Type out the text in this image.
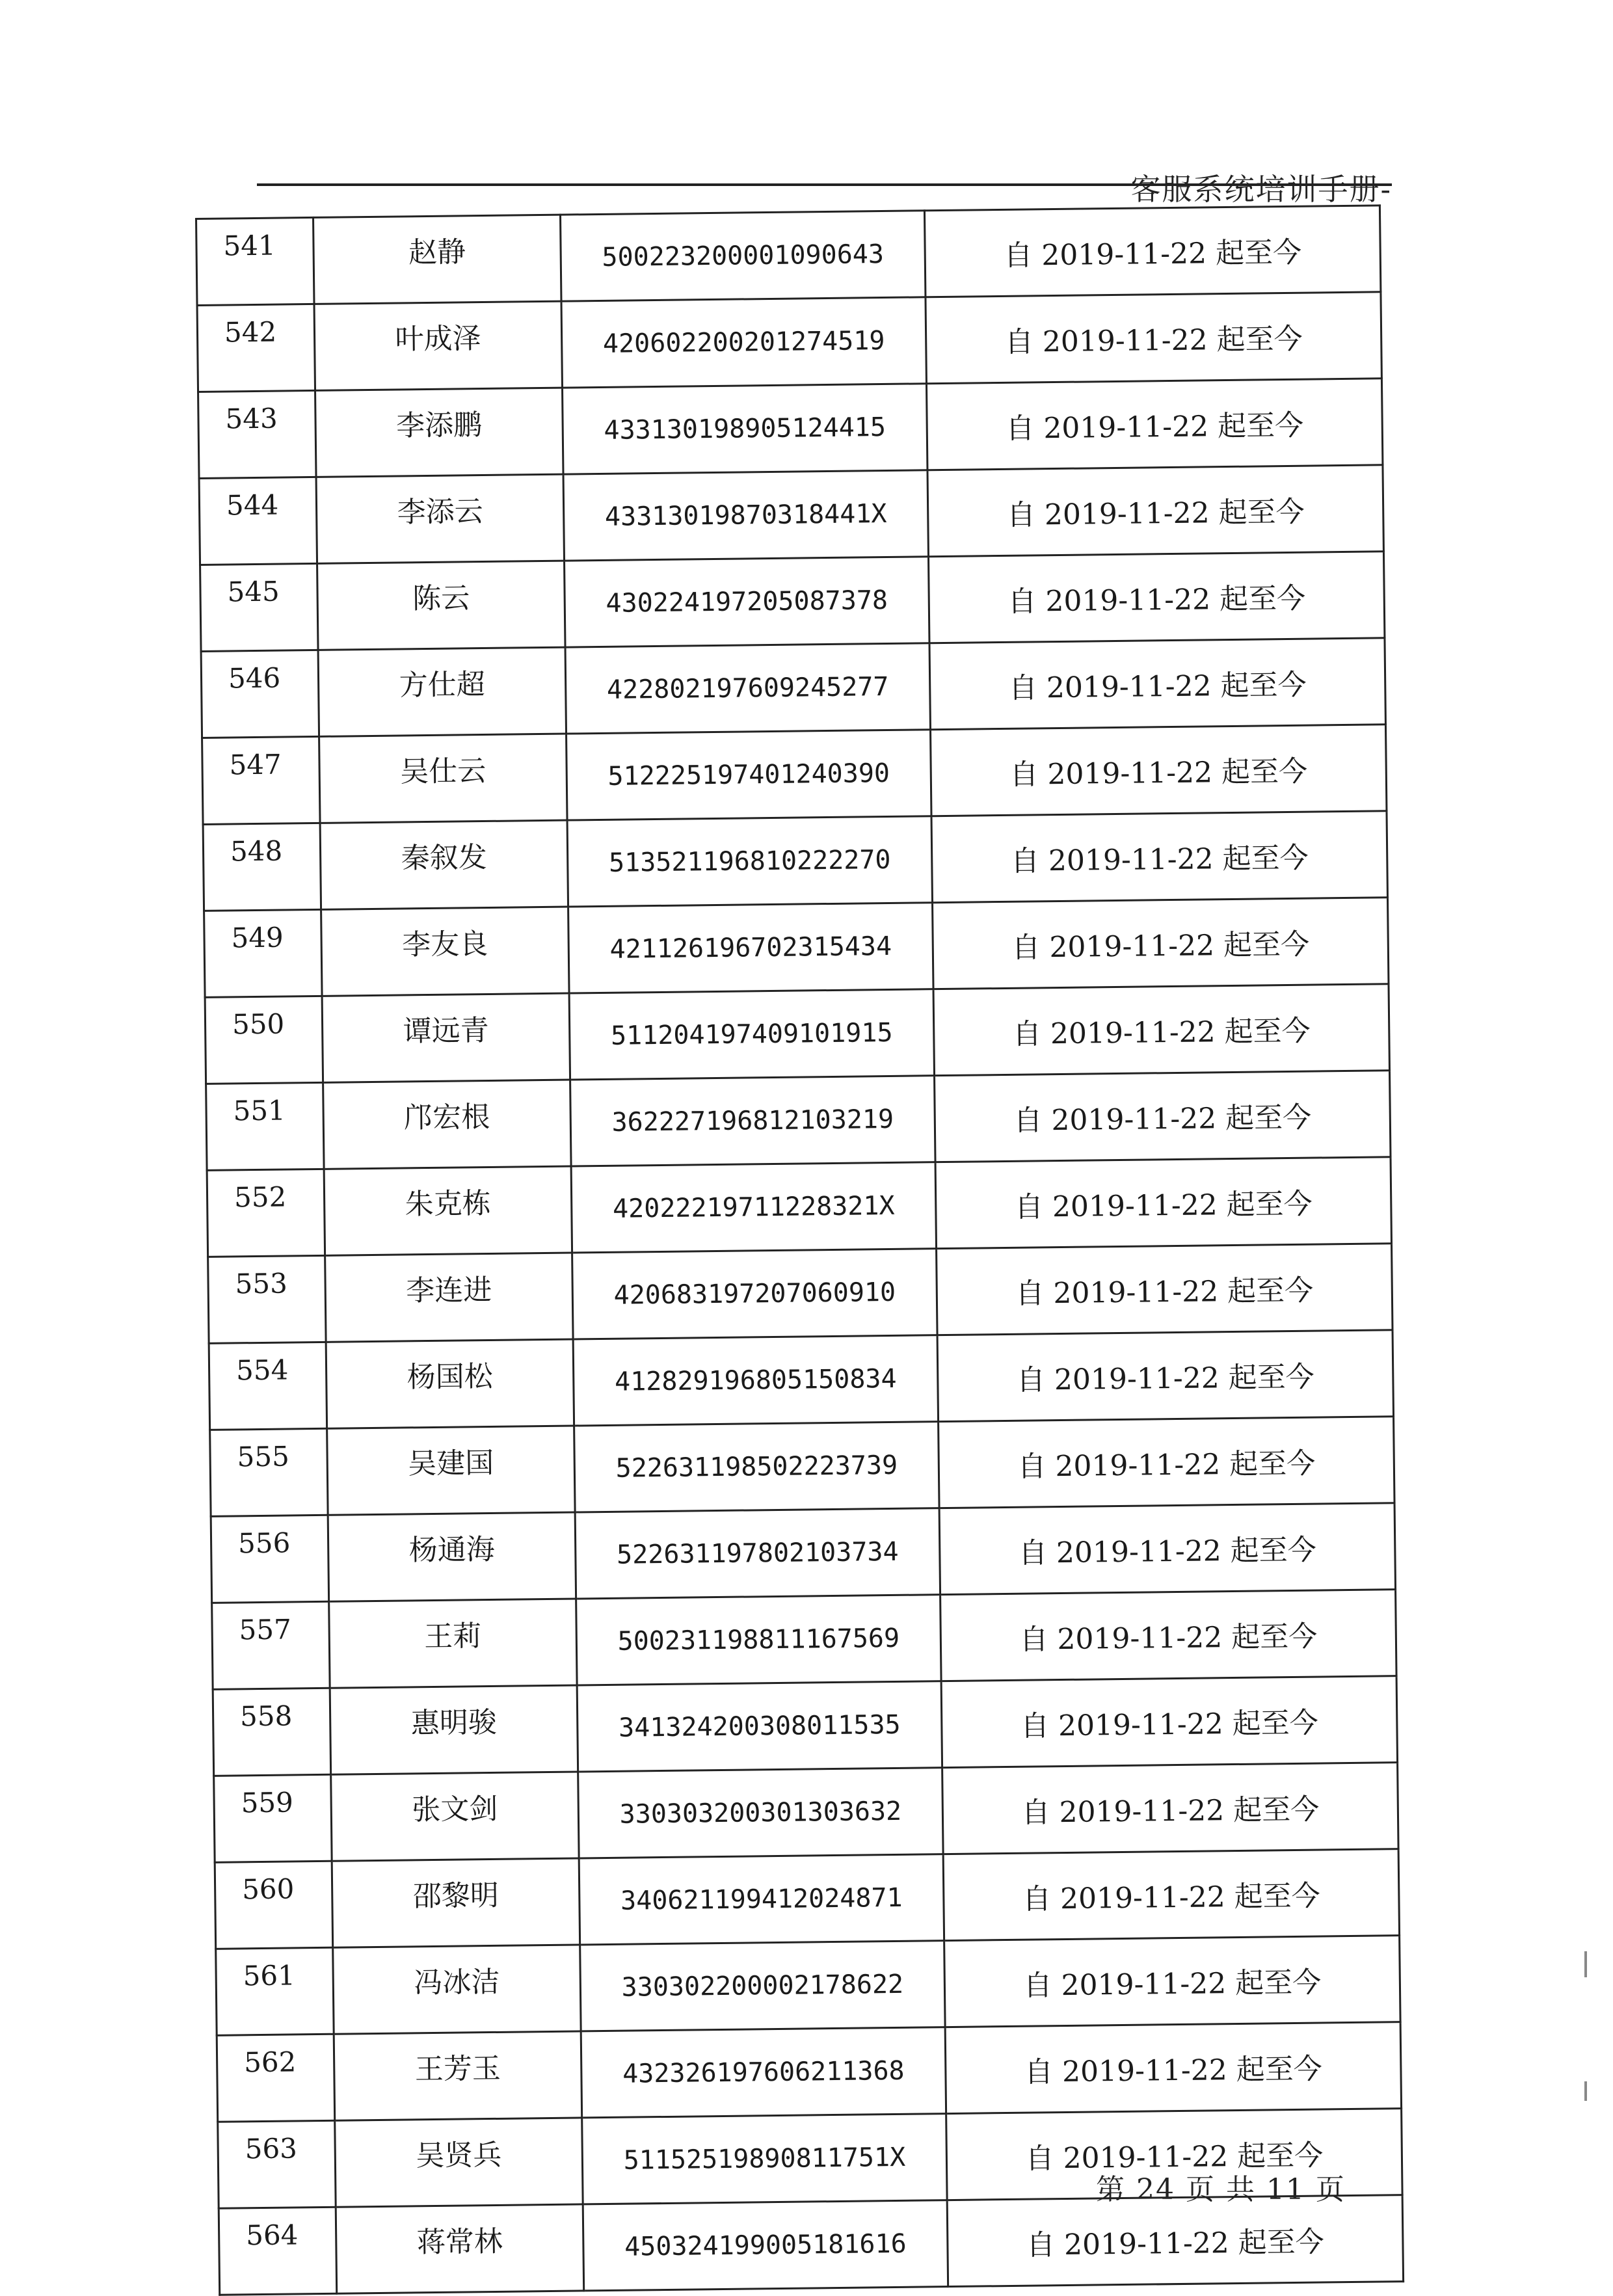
客服系统培训手册-
541	赵静	500223200001090643	自 2019-11-22 起至今
542	叶成泽	420602200201274519	自 2019-11-22 起至今
543	李添鹏	433130198905124415	自 2019-11-22 起至今
544	李添云	43313019870318441X	自 2019-11-22 起至今
545	陈云	430224197205087378	自 2019-11-22 起至今
546	方仕超	422802197609245277	自 2019-11-22 起至今
547	吴仕云	512225197401240390	自 2019-11-22 起至今
548	秦叙发	513521196810222270	自 2019-11-22 起至今
549	李友良	421126196702315434	自 2019-11-22 起至今
550	谭远青	511204197409101915	自 2019-11-22 起至今
551	邝宏根	362227196812103219	自 2019-11-22 起至今
552	朱克栋	42022219711228321X	自 2019-11-22 起至今
553	李连进	420683197207060910	自 2019-11-22 起至今
554	杨国松	412829196805150834	自 2019-11-22 起至今
555	吴建国	522631198502223739	自 2019-11-22 起至今
556	杨通海	522631197802103734	自 2019-11-22 起至今
557	王莉	500231198811167569	自 2019-11-22 起至今
558	惠明骏	341324200308011535	自 2019-11-22 起至今
559	张文剑	330303200301303632	自 2019-11-22 起至今
560	邵黎明	340621199412024871	自 2019-11-22 起至今
561	冯冰洁	330302200002178622	自 2019-11-22 起至今
562	王芳玉	432326197606211368	自 2019-11-22 起至今
563	吴贤兵	51152519890811751X	自 2019-11-22 起至今
564	蒋常林	450324199005181616	自 2019-11-22 起至今
第 24 页 共 11 页
